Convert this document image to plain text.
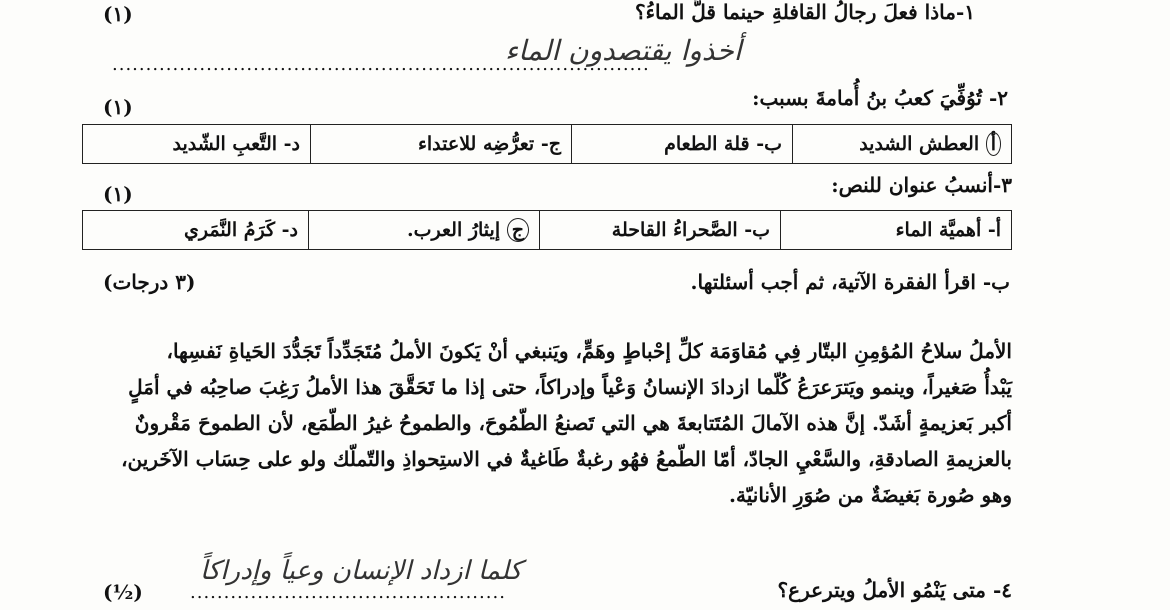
(١)	١-ماذا فعلَ رجالُ القافلةِ حينما قلَّ الماءُ؟
أخذوا يقتصدون الماء
................................................................................
(١)	٢- تُوُفِّيَ كعبُ بنُ أُمامةَ بسبب:
أ العطش الشديد	ب- قلة الطعام	ج- تعرُّضِه للاعتداء	د- التَّعبِ الشّديد
(١)	٣-أنسبُ عنوان للنص:
أ- أهميَّة الماء	ب- الصَّحراءُ القاحلة	ج إيثارُ العرب.	د- كَرَمُ النَّمَري
(٣ درجات)	ب- اقرأ الفقرة الآتية، ثم أجب أسئلتها.
الأملُ سلاحُ المُؤمِنِ البتّار فِي مُقاوَمَة كلِّ إحْباطٍ وهَمٍّ، ويَنبغي أنْ يَكونَ الأملُ مُتَجَدِّداً تَجَدُّدَ الحَياةِ نَفسِها،
يَبْدأُ صَغيراً، وينمو ويَترَعرَعُ كُلّما ازدادَ الإنسانُ وَعْياً وإدراكاً، حتى إذا ما تَحَقَّقَ هذا الأملُ رَغِبَ صاحِبُه في أمَلٍ
أكبر بَعزيمةٍ أشَدّ. إنَّ هذه الآمالَ المُتَتابعةَ هي التي تَصنعُ الطّمُوحَ، والطموحُ غيرُ الطّمَع، لأن الطموحَ مَقْرونٌ
بالعزيمةِ الصادقةِ، والسَّعْيِ الجادّ، أمّا الطّمعُ فهُو رغبةٌ طَاغيةٌ في الاستِحواذِ والتّملّك ولو على حِسَاب الآخَرين،
وهو صُورة بَغيضَةٌ من صُوَرِ الأنانيّة.
(½)
كلما ازداد الإنسان وعياً وإدراكاً
...............................................	٤- متى يَنْمُو الأملُ ويترعرع؟
